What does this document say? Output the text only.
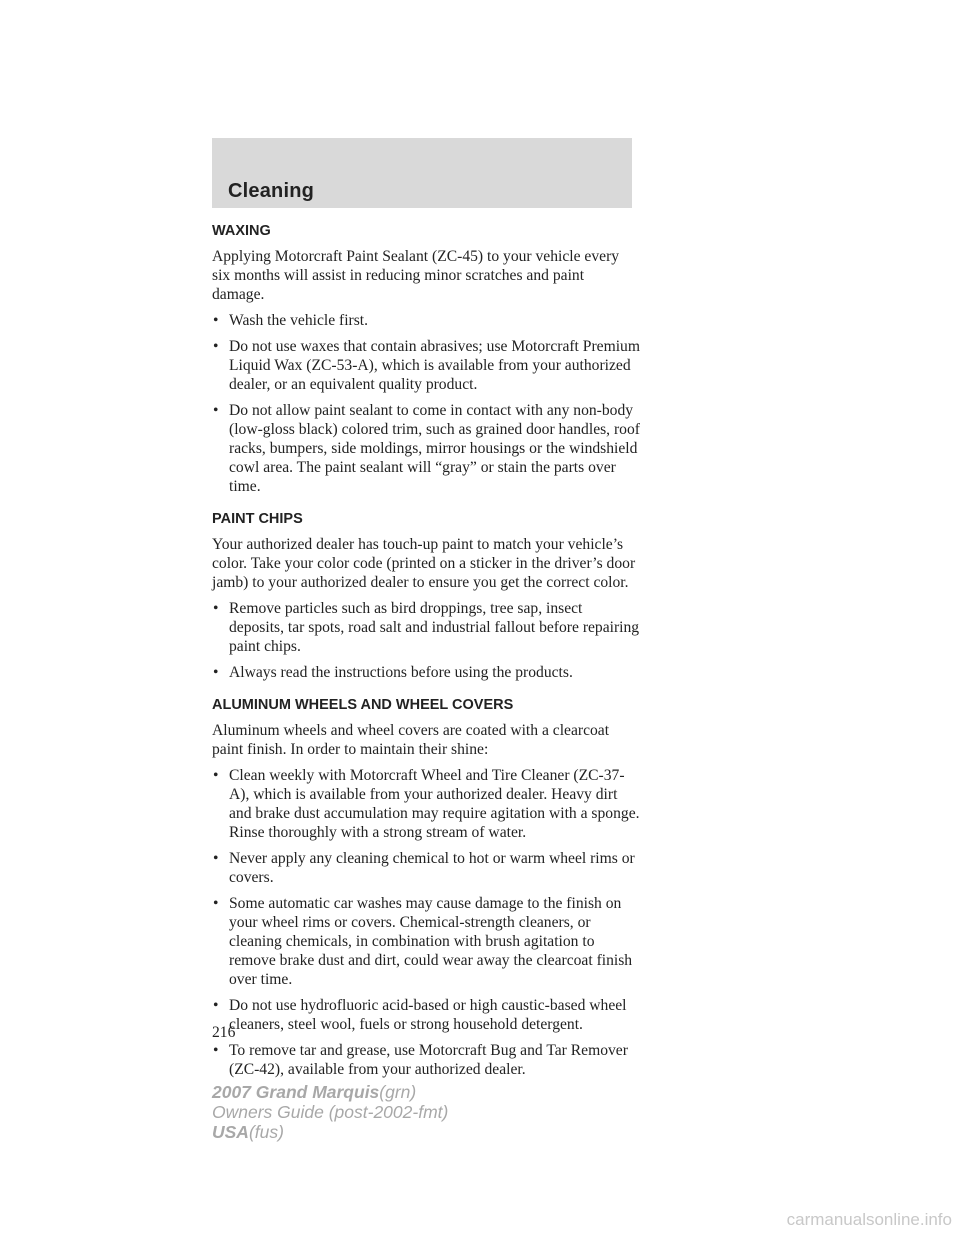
Cleaning
WAXING
Applying Motorcraft Paint Sealant (ZC-45) to your vehicle every six months will assist in reducing minor scratches and paint damage.
• Wash the vehicle first.
• Do not use waxes that contain abrasives; use Motorcraft Premium Liquid Wax (ZC-53-A), which is available from your authorized dealer, or an equivalent quality product.
• Do not allow paint sealant to come in contact with any non-body (low-gloss black) colored trim, such as grained door handles, roof racks, bumpers, side moldings, mirror housings or the windshield cowl area. The paint sealant will “gray” or stain the parts over time.
PAINT CHIPS
Your authorized dealer has touch-up paint to match your vehicle’s color. Take your color code (printed on a sticker in the driver’s door jamb) to your authorized dealer to ensure you get the correct color.
• Remove particles such as bird droppings, tree sap, insect deposits, tar spots, road salt and industrial fallout before repairing paint chips.
• Always read the instructions before using the products.
ALUMINUM WHEELS AND WHEEL COVERS
Aluminum wheels and wheel covers are coated with a clearcoat paint finish. In order to maintain their shine:
• Clean weekly with Motorcraft Wheel and Tire Cleaner (ZC-37-A), which is available from your authorized dealer. Heavy dirt and brake dust accumulation may require agitation with a sponge. Rinse thoroughly with a strong stream of water.
• Never apply any cleaning chemical to hot or warm wheel rims or covers.
• Some automatic car washes may cause damage to the finish on your wheel rims or covers. Chemical-strength cleaners, or cleaning chemicals, in combination with brush agitation to remove brake dust and dirt, could wear away the clearcoat finish over time.
• Do not use hydrofluoric acid-based or high caustic-based wheel cleaners, steel wool, fuels or strong household detergent.
• To remove tar and grease, use Motorcraft Bug and Tar Remover (ZC-42), available from your authorized dealer.
216
2007 Grand Marquis(grn)
Owners Guide (post-2002-fmt)
USA(fus)
carmanualsonline.info
